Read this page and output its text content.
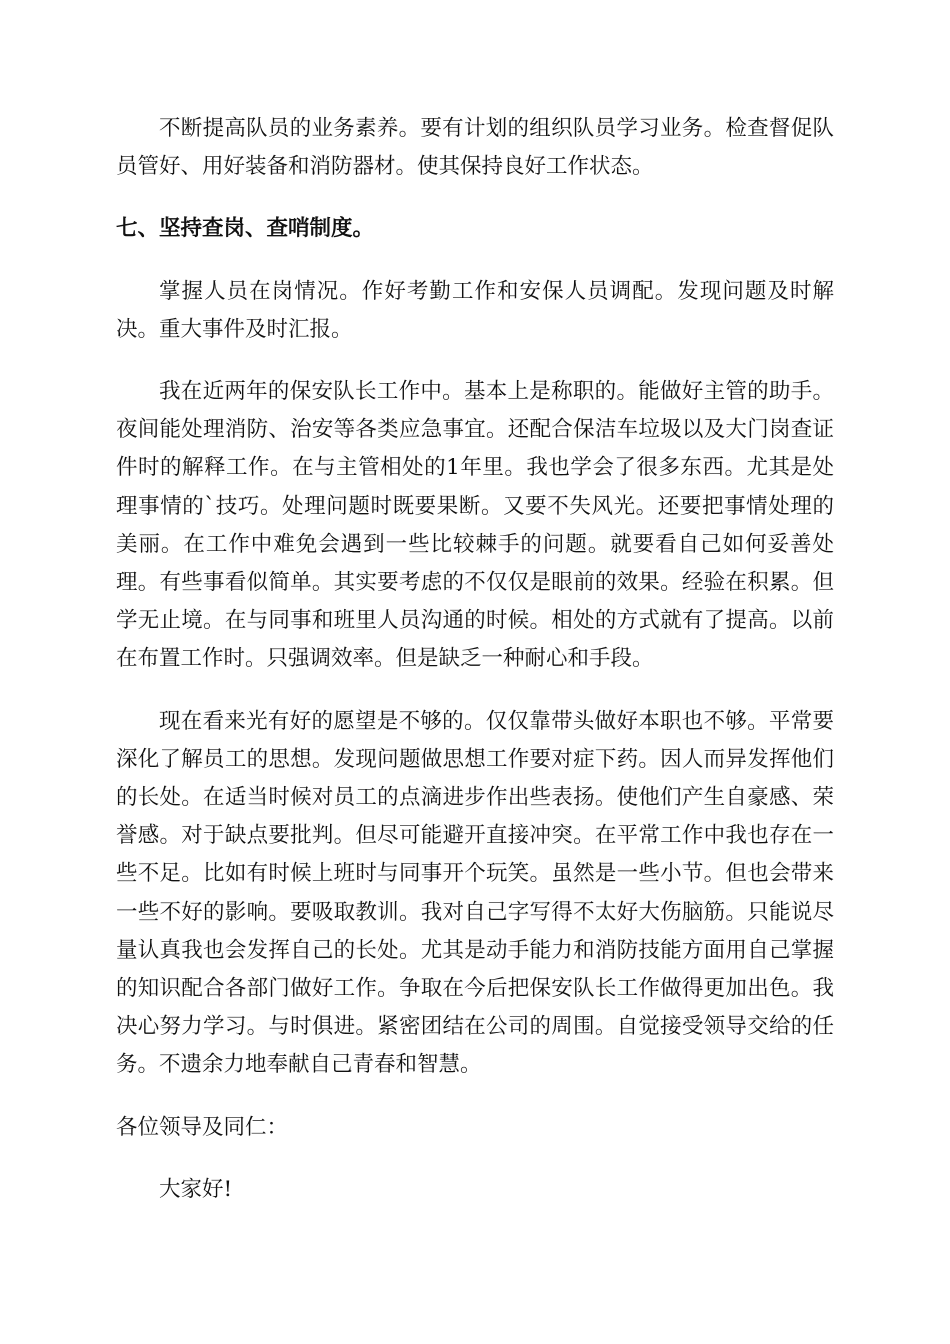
不断提高队员的业务素养。要有计划的组织队员学习业务。检查督促队员管好、用好装备和消防器材。使其保持良好工作状态。

七、坚持查岗、查哨制度。

掌握人员在岗情况。作好考勤工作和安保人员调配。发现问题及时解决。重大事件及时汇报。

我在近两年的保安队长工作中。基本上是称职的。能做好主管的助手。夜间能处理消防、治安等各类应急事宜。还配合保洁车垃圾以及大门岗查证件时的解释工作。在与主管相处的1年里。我也学会了很多东西。尤其是处理事情的`技巧。处理问题时既要果断。又要不失风光。还要把事情处理的美丽。在工作中难免会遇到一些比较棘手的问题。就要看自己如何妥善处理。有些事看似简单。其实要考虑的不仅仅是眼前的效果。经验在积累。但学无止境。在与同事和班里人员沟通的时候。相处的方式就有了提高。以前在布置工作时。只强调效率。但是缺乏一种耐心和手段。

现在看来光有好的愿望是不够的。仅仅靠带头做好本职也不够。平常要深化了解员工的思想。发现问题做思想工作要对症下药。因人而异发挥他们的长处。在适当时候对员工的点滴进步作出些表扬。使他们产生自豪感、荣誉感。对于缺点要批判。但尽可能避开直接冲突。在平常工作中我也存在一些不足。比如有时候上班时与同事开个玩笑。虽然是一些小节。但也会带来一些不好的影响。要吸取教训。我对自己字写得不太好大伤脑筋。只能说尽量认真我也会发挥自己的长处。尤其是动手能力和消防技能方面用自己掌握的知识配合各部门做好工作。争取在今后把保安队长工作做得更加出色。我决心努力学习。与时俱进。紧密团结在公司的周围。自觉接受领导交给的任务。不遗余力地奉献自己青春和智慧。

各位领导及同仁：

大家好!
